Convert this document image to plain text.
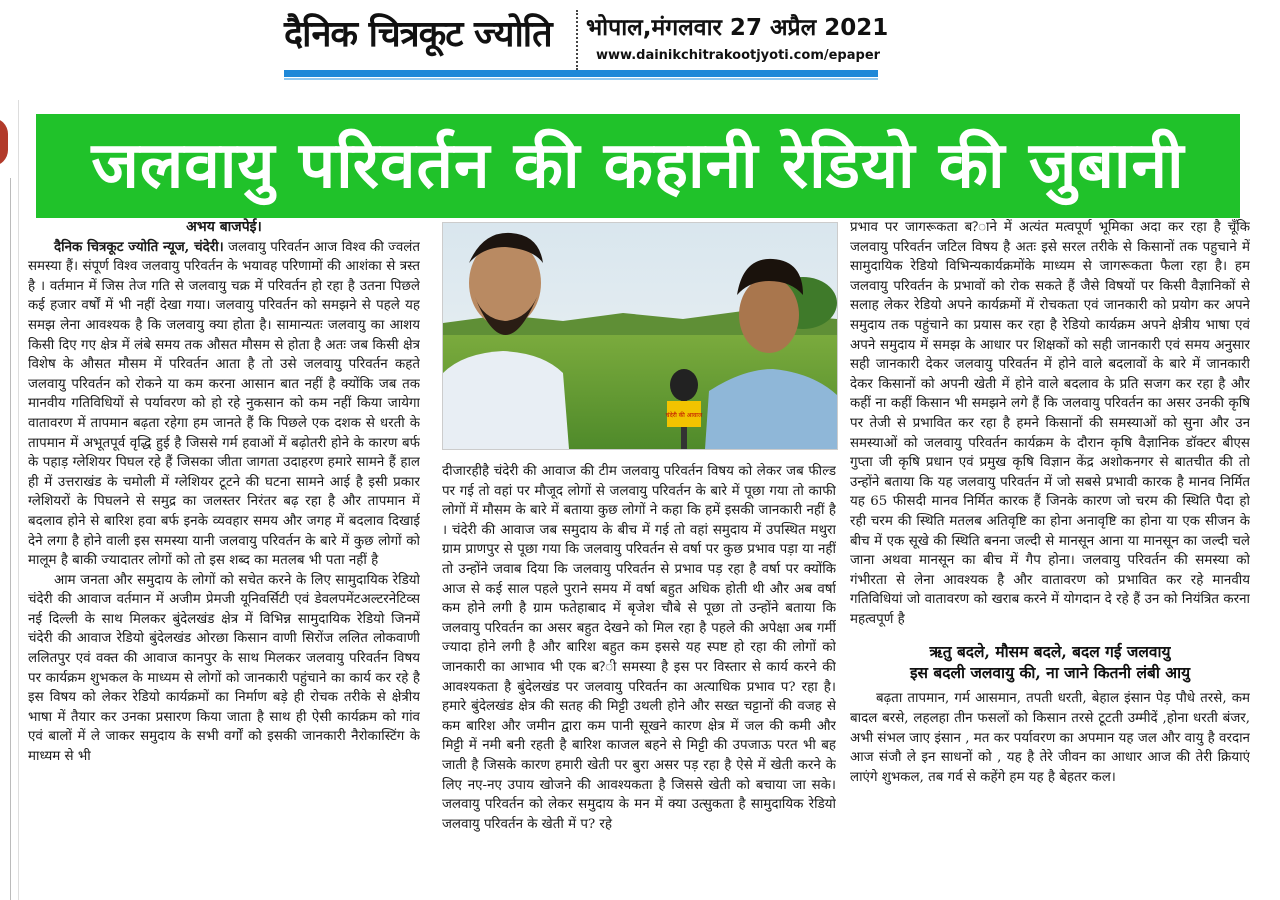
दैनिक चित्रकूट ज्योति भोपाल,मंगलवार 27 अप्रैल 2021
www.dainikchitrakootjyoti.com/epaper
जलवायु परिवर्तन की कहानी रेडियो की जुबानी

अभय बाजपेई।

दैनिक चित्रकूट ज्योति न्यूज, चंदेरी। जलवायु परिवर्तन आज विश्व की ज्वलंत समस्या हैं। संपूर्ण विश्व जलवायु परिवर्तन के भयावह परिणामों की आशंका से त्रस्त है । वर्तमान में जिस तेज गति से जलवायु चक्र में परिवर्तन हो रहा है उतना पिछले कई हजार वर्षों में भी नहीं देखा गया। जलवायु परिवर्तन को समझने से पहले यह समझ लेना आवश्यक है कि जलवायु क्या होता है। सामान्यतः जलवायु का आशय किसी दिए गए क्षेत्र में लंबे समय तक औसत मौसम से होता है अतः जब किसी क्षेत्र विशेष के औसत मौसम में परिवर्तन आता है तो उसे जलवायु परिवर्तन कहते जलवायु परिवर्तन को रोकने या कम करना आसान बात नहीं है क्योंकि जब तक मानवीय गतिविधियों से पर्यावरण को हो रहे नुकसान को कम नहीं किया जायेगा वातावरण में तापमान बढ़ता रहेगा हम जानते हैं कि पिछले एक दशक से धरती के तापमान में अभूतपूर्व वृद्धि हुई है जिससे गर्म हवाओं में बढ़ोतरी होने के कारण बर्फ के पहाड़ ग्लेशियर पिघल रहे हैं जिसका जीता जागता उदाहरण हमारे सामने हैं हाल ही में उत्तराखंड के चमोली में ग्लेशियर टूटने की घटना सामने आई है इसी प्रकार ग्लेशियरों के पिघलने से समुद्र का जलस्तर निरंतर बढ़ रहा है और तापमान में बदलाव होने से बारिश हवा बर्फ इनके व्यवहार समय और जगह में बदलाव दिखाई देने लगा है होने वाली इस समस्या यानी जलवायु परिवर्तन के बारे में कुछ लोगों को मालूम है बाकी ज्यादातर लोगों को तो इस शब्द का मतलब भी पता नहीं है

आम जनता और समुदाय के लोगों को सचेत करने के लिए सामुदायिक रेडियो चंदेरी की आवाज वर्तमान में अजीम प्रेमजी यूनिवर्सिटी एवं डेवलपमेंटअल्टरनेटिव्स नई दिल्ली के साथ मिलकर बुंदेलखंड क्षेत्र में विभिन्न सामुदायिक रेडियो जिनमें चंदेरी की आवाज रेडियो बुंदेलखंड ओरछा किसान वाणी सिरोंज ललित लोकवाणी ललितपुर एवं वक्त की आवाज कानपुर के साथ मिलकर जलवायु परिवर्तन विषय पर कार्यक्रम शुभकल के माध्यम से लोगों को जानकारी पहुंचाने का कार्य कर रहे है इस विषय को लेकर रेडियो कार्यक्रमों का निर्माण बड़े ही रोचक तरीके से क्षेत्रीय भाषा में तैयार कर उनका प्रसारण किया जाता है साथ ही ऐसी कार्यक्रम को गांव एवं बालों में ले जाकर समुदाय के सभी वर्गों को इसकी जानकारी नैरोकास्टिंग के माध्यम से भी

चंदेरी की आवाज

दीजारहीहै चंदेरी की आवाज की टीम जलवायु परिवर्तन विषय को लेकर जब फील्ड पर गई तो वहां पर मौजूद लोगों से जलवायु परिवर्तन के बारे में पूछा गया तो काफी लोगों में मौसम के बारे में बताया कुछ लोगों ने कहा कि हमें इसकी जानकारी नहीं है । चंदेरी की आवाज जब समुदाय के बीच में गई तो वहां समुदाय में उपस्थित मथुरा ग्राम प्राणपुर से पूछा गया कि जलवायु परिवर्तन से वर्षा पर कुछ प्रभाव पड़ा या नहीं तो उन्होंने जवाब दिया कि जलवायु परिवर्तन से प्रभाव पड़ रहा है वर्षा पर क्योंकि आज से कई साल पहले पुराने समय में वर्षा बहुत अधिक होती थी और अब वर्षा कम होने लगी है ग्राम फतेहाबाद में बृजेश चौबे से पूछा तो उन्होंने बताया कि जलवायु परिवर्तन का असर बहुत देखने को मिल रहा है पहले की अपेक्षा अब गर्मी ज्यादा होने लगी है और बारिश बहुत कम इससे यह स्पष्ट हो रहा की लोगों को जानकारी का आभाव भी एक ब?ी समस्या है इस पर विस्तार से कार्य करने की आवश्यकता है बुंदेलखंड पर जलवायु परिवर्तन का अत्याधिक प्रभाव प? रहा है। हमारे बुंदेलखंड क्षेत्र की सतह की मिट्टी उथली होने और सख्त चट्टानों की वजह से कम बारिश और जमीन द्वारा कम पानी सूखने कारण क्षेत्र में जल की कमी और मिट्टी में नमी बनी रहती है बारिश काजल बहने से मिट्टी की उपजाऊ परत भी बह जाती है जिसके कारण हमारी खेती पर बुरा असर पड़ रहा है ऐसे में खेती करने के लिए नए-नए उपाय खोजने की आवश्यकता है जिससे खेती को बचाया जा सके। जलवायु परिवर्तन को लेकर समुदाय के मन में क्या उत्सुकता है सामुदायिक रेडियो जलवायु परिवर्तन के खेती में प? रहे

प्रभाव पर जागरूकता ब?ाने में अत्यंत मत्वपूर्ण भूमिका अदा कर रहा है चूँकि जलवायु परिवर्तन जटिल विषय है अतः इसे सरल तरीके से किसानों तक पहुचाने में सामुदायिक रेडियो विभिन्यकार्यक्रमोंके माध्यम से जागरूकता फैला रहा है। हम जलवायु परिवर्तन के प्रभावों को रोक सकते हैं जैसे विषयों पर किसी वैज्ञानिकों से सलाह लेकर रेडियो अपने कार्यक्रमों में रोचकता एवं जानकारी को प्रयोग कर अपने समुदाय तक पहुंचाने का प्रयास कर रहा है रेडियो कार्यक्रम अपने क्षेत्रीय भाषा एवं अपने समुदाय में समझ के आधार पर शिक्षकों को सही जानकारी एवं समय अनुसार सही जानकारी देकर जलवायु परिवर्तन में होने वाले बदलावों के बारे में जानकारी देकर किसानों को अपनी खेती में होने वाले बदलाव के प्रति सजग कर रहा है और कहीं ना कहीं किसान भी समझने लगे हैं कि जलवायु परिवर्तन का असर उनकी कृषि पर तेजी से प्रभावित कर रहा है हमने किसानों की समस्याओं को सुना और उन समस्याओं को जलवायु परिवर्तन कार्यक्रम के दौरान कृषि वैज्ञानिक डॉक्टर बीएस गुप्ता जी कृषि प्रधान एवं प्रमुख कृषि विज्ञान केंद्र अशोकनगर से बातचीत की तो उन्होंने बताया कि यह जलवायु परिवर्तन में जो सबसे प्रभावी कारक है मानव निर्मित यह 65 फीसदी मानव निर्मित कारक हैं जिनके कारण जो चरम की स्थिति पैदा हो रही चरम की स्थिति मतलब अतिवृष्टि का होना अनावृष्टि का होना या एक सीजन के बीच में एक सूखे की स्थिति बनना जल्दी से मानसून आना या मानसून का जल्दी चले जाना अथवा मानसून का बीच में गैप होना। जलवायु परिवर्तन की समस्या को गंभीरता से लेना आवश्यक है और वातावरण को प्रभावित कर रहे मानवीय गतिविधियां जो वातावरण को खराब करने में योगदान दे रहे हैं उन को नियंत्रित करना महत्वपूर्ण है

ऋतु बदले, मौसम बदले, बदल गई जलवायु
इस बदली जलवायु की, ना जाने कितनी लंबी आयु

बढ़ता तापमान, गर्म आसमान, तपती धरती, बेहाल इंसान पेड़ पौधे तरसे, कम बादल बरसे, लहलहा तीन फसलों को किसान तरसे टूटती उम्मीदें ,होना धरती बंजर, अभी संभल जाए इंसान , मत कर पर्यावरण का अपमान यह जल और वायु है वरदान आज संजौ ले इन साधनों को , यह है तेरे जीवन का आधार आज की तेरी क्रियाएं लाएंगे शुभकल, तब गर्व से कहेंगे हम यह है बेहतर कल।
